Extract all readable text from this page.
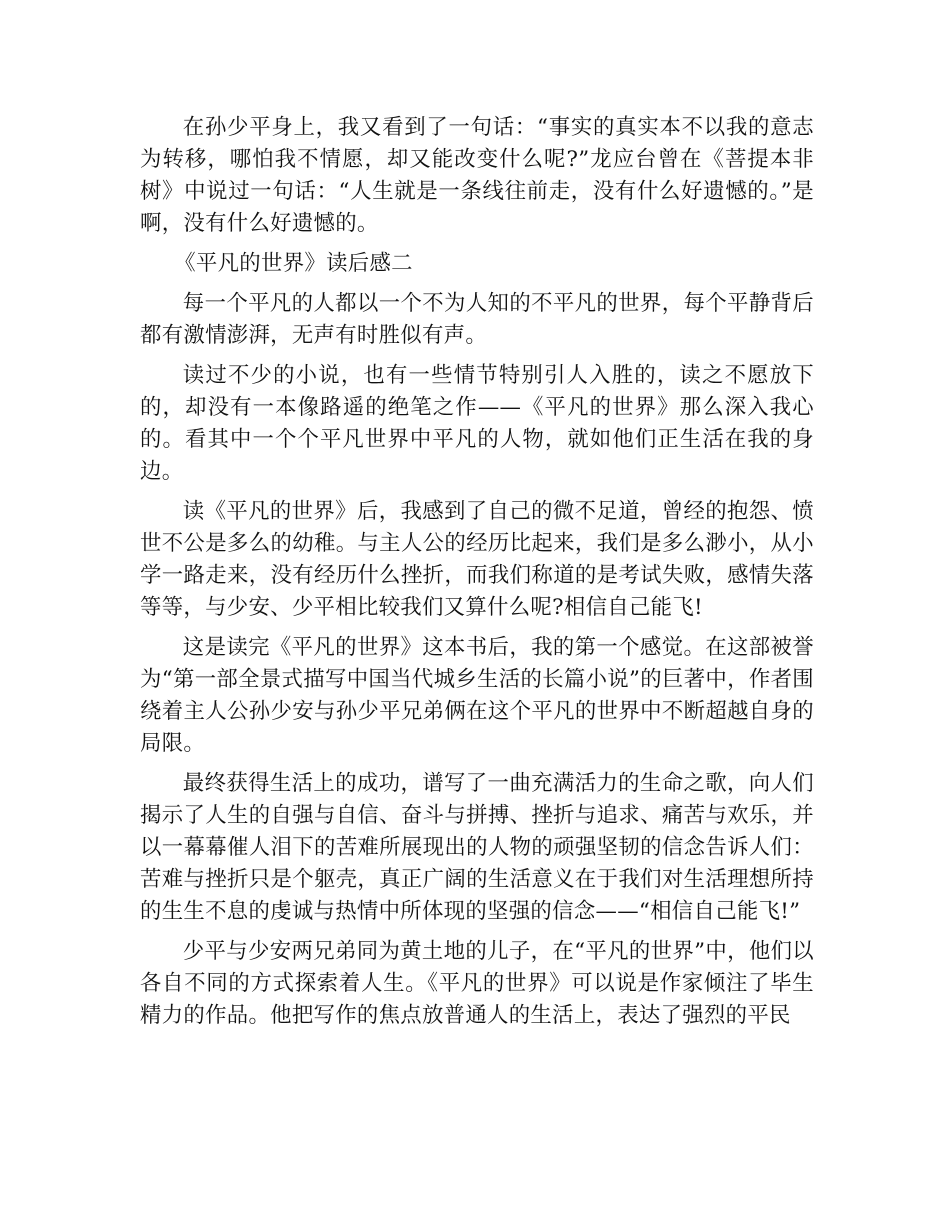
在孙少平身上，我又看到了一句话：“事实的真实本不以我的意志为转移，哪怕我不情愿，却又能改变什么呢?”龙应台曾在《菩提本非树》中说过一句话：“人生就是一条线往前走，没有什么好遗憾的。”是啊，没有什么好遗憾的。

《平凡的世界》读后感二

每一个平凡的人都以一个不为人知的不平凡的世界，每个平静背后都有激情澎湃，无声有时胜似有声。

读过不少的小说，也有一些情节特别引人入胜的，读之不愿放下的，却没有一本像路遥的绝笔之作——《平凡的世界》那么深入我心的。看其中一个个平凡世界中平凡的人物，就如他们正生活在我的身边。

读《平凡的世界》后，我感到了自己的微不足道，曾经的抱怨、愤世不公是多么的幼稚。与主人公的经历比起来，我们是多么渺小，从小学一路走来，没有经历什么挫折，而我们称道的是考试失败，感情失落等等，与少安、少平相比较我们又算什么呢?相信自己能飞!

这是读完《平凡的世界》这本书后，我的第一个感觉。在这部被誉为“第一部全景式描写中国当代城乡生活的长篇小说”的巨著中，作者围绕着主人公孙少安与孙少平兄弟俩在这个平凡的世界中不断超越自身的局限。

最终获得生活上的成功，谱写了一曲充满活力的生命之歌，向人们揭示了人生的自强与自信、奋斗与拼搏、挫折与追求、痛苦与欢乐，并以一幕幕催人泪下的苦难所展现出的人物的顽强坚韧的信念告诉人们：苦难与挫折只是个躯壳，真正广阔的生活意义在于我们对生活理想所持的生生不息的虔诚与热情中所体现的坚强的信念——“相信自己能飞!”

少平与少安两兄弟同为黄土地的儿子，在“平凡的世界”中，他们以各自不同的方式探索着人生。《平凡的世界》可以说是作家倾注了毕生精力的作品。他把写作的焦点放普通人的生活上，表达了强烈的平民
